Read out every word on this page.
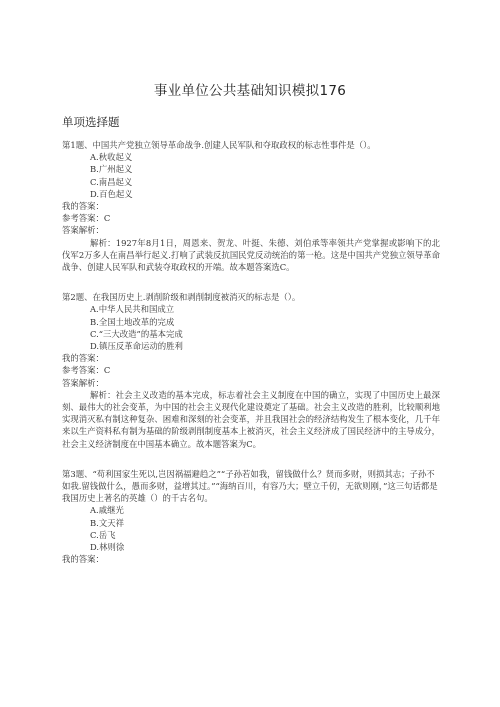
事业单位公共基础知识模拟176
单项选择题

第1题、中国共产党独立领导革命战争.创建人民军队和夺取政权的标志性事件是（）。

A.秋收起义
B.广州起义
C.南昌起义
D.百色起义

我的答案：

参考答案：C

答案解析：

解析：1927年8月1日，周恩来、贺龙、叶挺、朱德、刘伯承等率领共产党掌握或影响下的北伐军2万多人在南昌举行起义.打响了武装反抗国民党反动统治的第一枪。这是中国共产党独立领导革命战争、创建人民军队和武装夺取政权的开端。故本题答案选C。

第2题、在我国历史上.剥削阶级和剥削制度被消灭的标志是（）。

A.中华人民共和国成立
B.全国土地改革的完成
C.“三大改造”的基本完成
D.镇压反革命运动的胜利

我的答案：

参考答案：C

答案解析：

解析：社会主义改造的基本完成，标志着社会主义制度在中国的确立，实现了中国历史上最深刻、最伟大的社会变革，为中国的社会主义现代化建设奠定了基础。社会主义改造的胜利，比较顺利地实现消灭私有制这种复杂、困难和深刻的社会变革，并且我国社会的经济结构发生了根本变化，几千年来以生产资料私有制为基础的阶级剥削制度基本上被消灭，社会主义经济成了国民经济中的主导成分，社会主义经济制度在中国基本确立。故本题答案为C。

第3题、“苟利国家生死以,岂因祸福避趋之”“子孙若如我，留钱做什么？贤而多财，则损其志；子孙不如我.留钱做什么，愚而多财，益增其过。”“海纳百川，有容乃大；壁立千仞，无欲则刚，”这三句话都是我国历史上著名的英雄（）的千古名句。

A.戚继光
B.文天祥
C.岳飞
D.林则徐

我的答案：
